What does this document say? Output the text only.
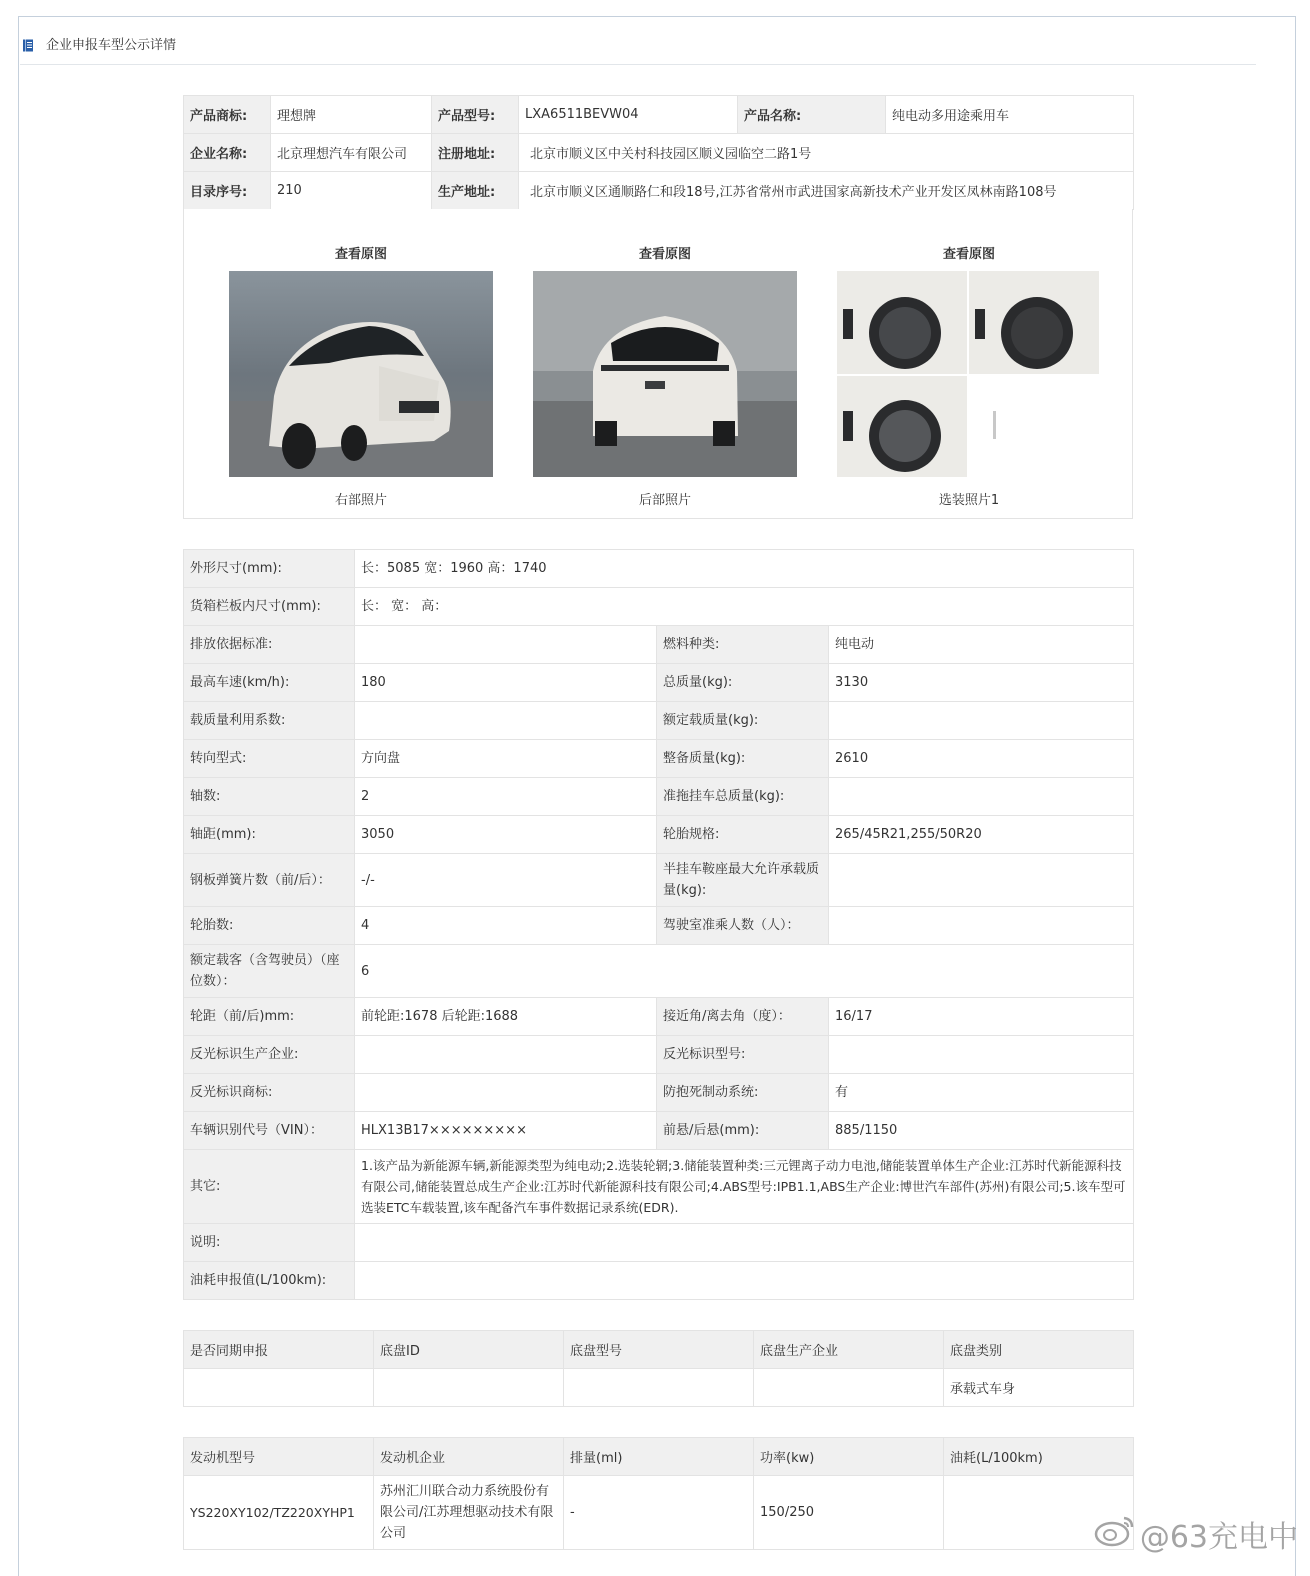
企业申报车型公示详情
产品商标:	理想牌	产品型号:	LXA6511BEVW04	产品名称:	纯电动多用途乘用车
企业名称:	北京理想汽车有限公司	注册地址:	北京市顺义区中关村科技园区顺义园临空二路1号		
目录序号:	210	生产地址:	北京市顺义区通顺路仁和段18号,江苏省常州市武进国家高新技术产业开发区凤林南路108号		
查看原图
右部照片
查看原图
后部照片
查看原图
选装照片1
外形尺寸(mm):	长：5085 宽：1960 高：1740		
货箱栏板内尺寸(mm):	长： 宽： 高：		
排放依据标准:		燃料种类:	纯电动
最高车速(km/h):	180	总质量(kg):	3130
载质量利用系数:		额定载质量(kg):	
转向型式:	方向盘	整备质量(kg):	2610
轴数:	2	准拖挂车总质量(kg):	
轴距(mm):	3050	轮胎规格:	265/45R21,255/50R20
钢板弹簧片数（前/后）：	-/-	半挂车鞍座最大允许承载质量(kg):	
轮胎数:	4	驾驶室准乘人数（人）：	
额定载客（含驾驶员）（座位数）：	6		
轮距（前/后)mm:	前轮距:1678 后轮距:1688	接近角/离去角（度）：	16/17
反光标识生产企业:		反光标识型号:	
反光标识商标:		防抱死制动系统:	有
车辆识别代号（VIN）：	HLX13B17×××××××××	前悬/后悬(mm):	885/1150
其它:	1.该产品为新能源车辆,新能源类型为纯电动;2.选装轮辋;3.储能装置种类:三元锂离子动力电池,储能装置单体生产企业:江苏时代新能源科技有限公司,储能装置总成生产企业:江苏时代新能源科技有限公司;4.ABS型号:IPB1.1,ABS生产企业:博世汽车部件(苏州)有限公司;5.该车型可选装ETC车载装置,该车配备汽车事件数据记录系统(EDR).		
说明:			
油耗申报值(L/100km):			
是否同期申报	底盘ID	底盘型号	底盘生产企业	底盘类别
				承载式车身
发动机型号	发动机企业	排量(ml)	功率(kw)	油耗(L/100km)
YS220XY102/TZ220XYHP1	苏州汇川联合动力系统股份有限公司/江苏理想驱动技术有限公司	-	150/250	
@63充电中
